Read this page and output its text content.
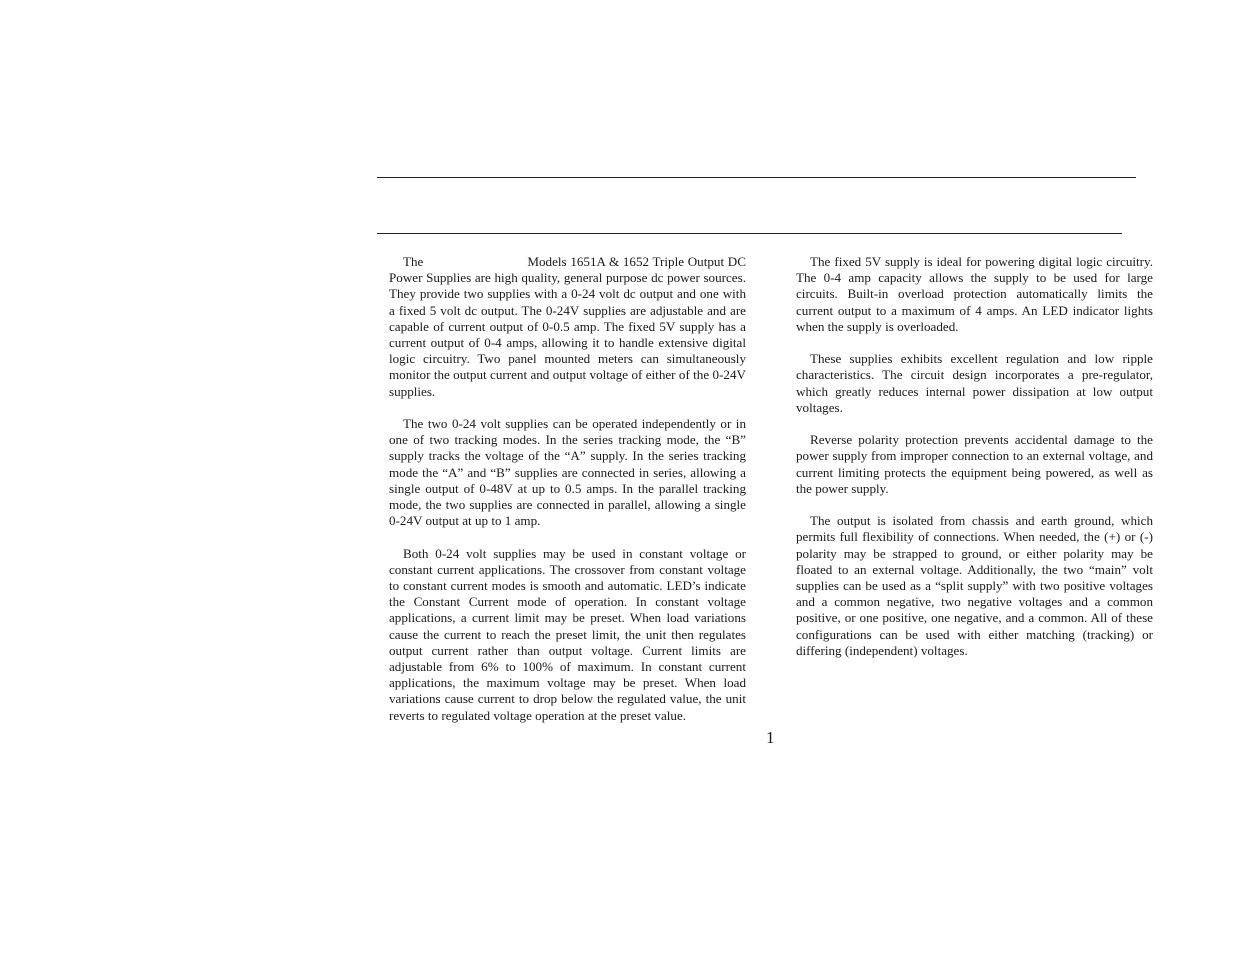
The	Models 1651A & 1652 Triple Output DC Power Supplies are high quality, general purpose dc power sources. They provide two supplies with a 0-24 volt dc output and one with a fixed 5 volt dc output. The 0-24V supplies are adjustable and are capable of current output of 0-0.5 amp. The fixed 5V supply has a current output of 0-4 amps, allowing it to handle extensive digital logic circuitry. Two panel mounted meters can simultaneously monitor the output current and output voltage of either of the 0-24V supplies.

The two 0-24 volt supplies can be operated independently or in one of two tracking modes. In the series tracking mode, the “B” supply tracks the voltage of the “A” supply. In the series tracking mode the “A” and “B” supplies are connected in series, allowing a single output of 0-48V at up to 0.5 amps. In the parallel tracking mode, the two supplies are connected in parallel, allowing a single 0-24V output at up to 1 amp.

Both 0-24 volt supplies may be used in constant voltage or constant current applications. The crossover from constant voltage to constant current modes is smooth and automatic. LED’s indicate the Constant Current mode of operation. In constant voltage applications, a current limit may be preset. When load variations cause the current to reach the preset limit, the unit then regulates output current rather than output voltage. Current limits are adjustable from 6% to 100% of maximum. In constant current applications, the maximum voltage may be preset. When load variations cause current to drop below the regulated value, the unit reverts to regulated voltage operation at the preset value.

The fixed 5V supply is ideal for powering digital logic circuitry. The 0-4 amp capacity allows the supply to be used for large circuits. Built-in overload protection automatically limits the current output to a maximum of 4 amps. An LED indicator lights when the supply is overloaded.

These supplies exhibits excellent regulation and low ripple characteristics. The circuit design incorporates a pre-regulator, which greatly reduces internal power dissipation at low output voltages.

Reverse polarity protection prevents accidental damage to the power supply from improper connection to an external voltage, and current limiting protects the equipment being powered, as well as the power supply.

The output is isolated from chassis and earth ground, which permits full flexibility of connections. When needed, the (+) or (-) polarity may be strapped to ground, or either polarity may be floated to an external voltage. Additionally, the two “main” volt supplies can be used as a “split supply” with two positive voltages and a common negative, two negative voltages and a common positive, or one positive, one negative, and a common. All of these configurations can be used with either matching (tracking) or differing (independent) voltages.

1
